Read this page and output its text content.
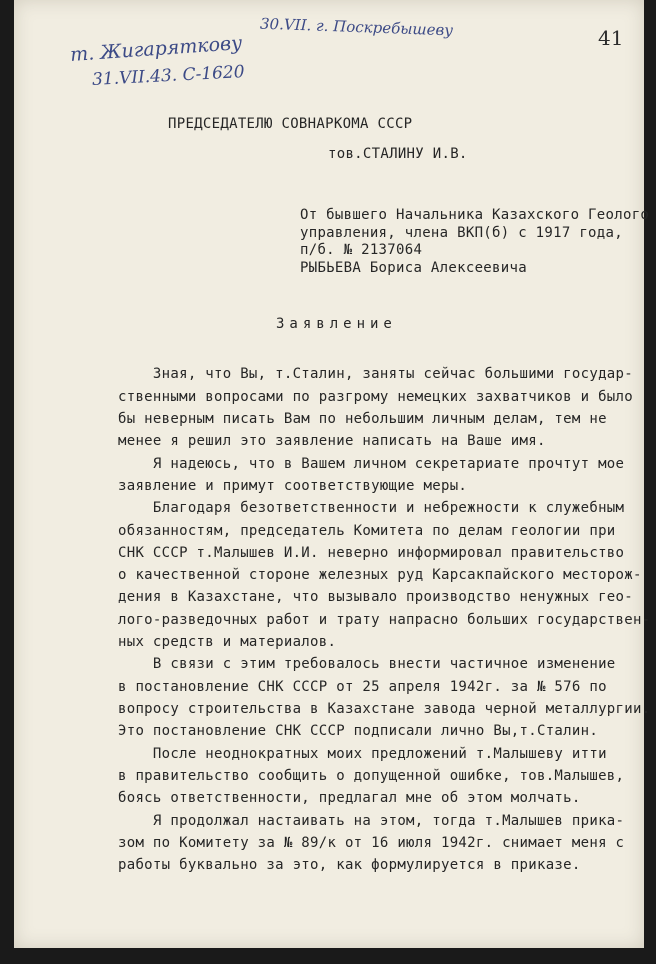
30.VII. г. Поскребышеву	41
т. Жигаряткову
31.VII.43. С-1620
ПРЕДСЕДАТЕЛЮ СОВНАРКОМА СССР
тов.СТАЛИНУ И.В.
От бывшего Начальника Казахского Геолого
управления, члена ВКП(б) с 1917 года,
п/б. № 2137064
РЫБЬЕВА Бориса Алексеевича
Заявление
Зная, что Вы, т.Сталин, заняты сейчас большими государ-
ственными вопросами по разгрому немецких захватчиков и было
бы неверным писать Вам по небольшим личным делам, тем не
менее я решил это заявление написать на Ваше имя.
Я надеюсь, что в Вашем личном секретариате прочтут мое
заявление и примут соответствующие меры.
Благодаря безответственности и небрежности к служебным
обязанностям, председатель Комитета по делам геологии при
СНК СССР т.Малышев И.И. неверно информировал правительство
о качественной стороне железных руд Карсакпайского месторож-
дения в Казахстане, что вызывало производство ненужных гео-
лого-разведочных работ и трату напрасно больших государствен-
ных средств и материалов.
В связи с этим требовалось внести частичное изменение
в постановление СНК СССР от 25 апреля 1942г. за № 576 по
вопросу строительства в Казахстане завода черной металлургии.
Это постановление СНК СССР подписали лично Вы,т.Сталин.
После неоднократных моих предложений т.Малышеву итти
в правительство сообщить о допущенной ошибке, тов.Малышев,
боясь ответственности, предлагал мне об этом молчать.
Я продолжал настаивать на этом, тогда т.Малышев прика-
зом по Комитету за № 89/к от 16 июля 1942г. снимает меня с
работы буквально за это, как формулируется в приказе.
